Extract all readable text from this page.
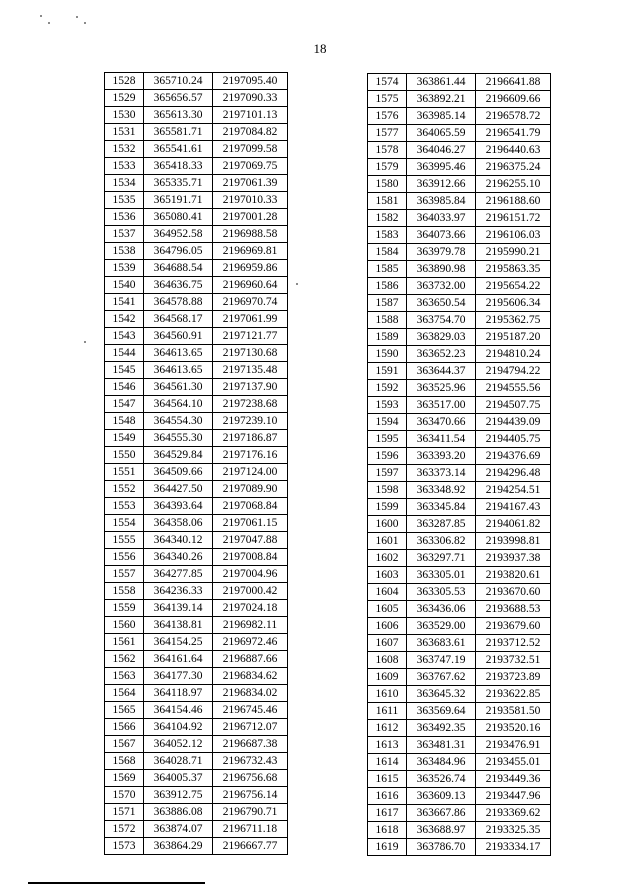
18
1528	365710.24	2197095.40
1529	365656.57	2197090.33
1530	365613.30	2197101.13
1531	365581.71	2197084.82
1532	365541.61	2197099.58
1533	365418.33	2197069.75
1534	365335.71	2197061.39
1535	365191.71	2197010.33
1536	365080.41	2197001.28
1537	364952.58	2196988.58
1538	364796.05	2196969.81
1539	364688.54	2196959.86
1540	364636.75	2196960.64
1541	364578.88	2196970.74
1542	364568.17	2197061.99
1543	364560.91	2197121.77
1544	364613.65	2197130.68
1545	364613.65	2197135.48
1546	364561.30	2197137.90
1547	364564.10	2197238.68
1548	364554.30	2197239.10
1549	364555.30	2197186.87
1550	364529.84	2197176.16
1551	364509.66	2197124.00
1552	364427.50	2197089.90
1553	364393.64	2197068.84
1554	364358.06	2197061.15
1555	364340.12	2197047.88
1556	364340.26	2197008.84
1557	364277.85	2197004.96
1558	364236.33	2197000.42
1559	364139.14	2197024.18
1560	364138.81	2196982.11
1561	364154.25	2196972.46
1562	364161.64	2196887.66
1563	364177.30	2196834.62
1564	364118.97	2196834.02
1565	364154.46	2196745.46
1566	364104.92	2196712.07
1567	364052.12	2196687.38
1568	364028.71	2196732.43
1569	364005.37	2196756.68
1570	363912.75	2196756.14
1571	363886.08	2196790.71
1572	363874.07	2196711.18
1573	363864.29	2196667.77
1574	363861.44	2196641.88
1575	363892.21	2196609.66
1576	363985.14	2196578.72
1577	364065.59	2196541.79
1578	364046.27	2196440.63
1579	363995.46	2196375.24
1580	363912.66	2196255.10
1581	363985.84	2196188.60
1582	364033.97	2196151.72
1583	364073.66	2196106.03
1584	363979.78	2195990.21
1585	363890.98	2195863.35
1586	363732.00	2195654.22
1587	363650.54	2195606.34
1588	363754.70	2195362.75
1589	363829.03	2195187.20
1590	363652.23	2194810.24
1591	363644.37	2194794.22
1592	363525.96	2194555.56
1593	363517.00	2194507.75
1594	363470.66	2194439.09
1595	363411.54	2194405.75
1596	363393.20	2194376.69
1597	363373.14	2194296.48
1598	363348.92	2194254.51
1599	363345.84	2194167.43
1600	363287.85	2194061.82
1601	363306.82	2193998.81
1602	363297.71	2193937.38
1603	363305.01	2193820.61
1604	363305.53	2193670.60
1605	363436.06	2193688.53
1606	363529.00	2193679.60
1607	363683.61	2193712.52
1608	363747.19	2193732.51
1609	363767.62	2193723.89
1610	363645.32	2193622.85
1611	363569.64	2193581.50
1612	363492.35	2193520.16
1613	363481.31	2193476.91
1614	363484.96	2193455.01
1615	363526.74	2193449.36
1616	363609.13	2193447.96
1617	363667.86	2193369.62
1618	363688.97	2193325.35
1619	363786.70	2193334.17
